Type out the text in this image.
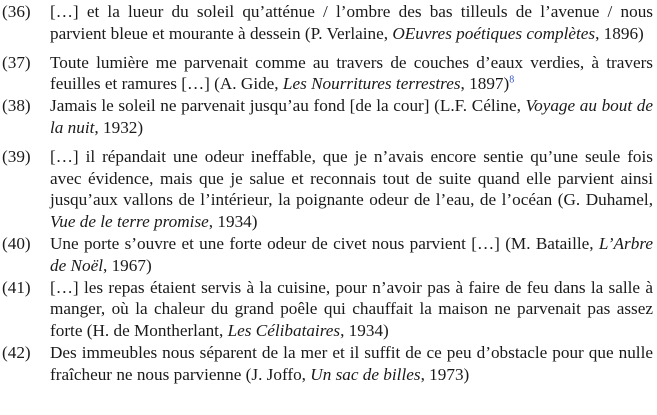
(36)	[…] et la lueur du soleil qu’atténue / l’ombre des bas tilleuls de l’avenue / nous parvient bleue et mourante à dessein (P. Verlaine, OEuvres poétiques complètes, 1896)
(37)	Toute lumière me parvenait comme au travers de couches d’eaux verdies, à travers feuilles et ramures […] (A. Gide, Les Nourritures terrestres, 1897)$^8$
(38)	Jamais le soleil ne parvenait jusqu’au fond [de la cour] (L.F. Céline, Voyage au bout de la nuit, 1932)
(39)	[…] il répandait une odeur ineffable, que je n’avais encore sentie qu’une seule fois avec évidence, mais que je salue et reconnais tout de suite quand elle parvient ainsi jusqu’aux vallons de l’intérieur, la poignante odeur de l’eau, de l’océan (G. Duhamel, Vue de le terre promise, 1934)
(40)	Une porte s’ouvre et une forte odeur de civet nous parvient […] (M. Bataille, L’Arbre de Noël, 1967)
(41)	[…] les repas étaient servis à la cuisine, pour n’avoir pas à faire de feu dans la salle à manger, où la chaleur du grand poêle qui chauffait la maison ne parvenait pas assez forte (H. de Montherlant, Les Célibataires, 1934)
(42)	Des immeubles nous séparent de la mer et il suffit de ce peu d’obstacle pour que nulle fraîcheur ne nous parvienne (J. Joffo, Un sac de billes, 1973)
